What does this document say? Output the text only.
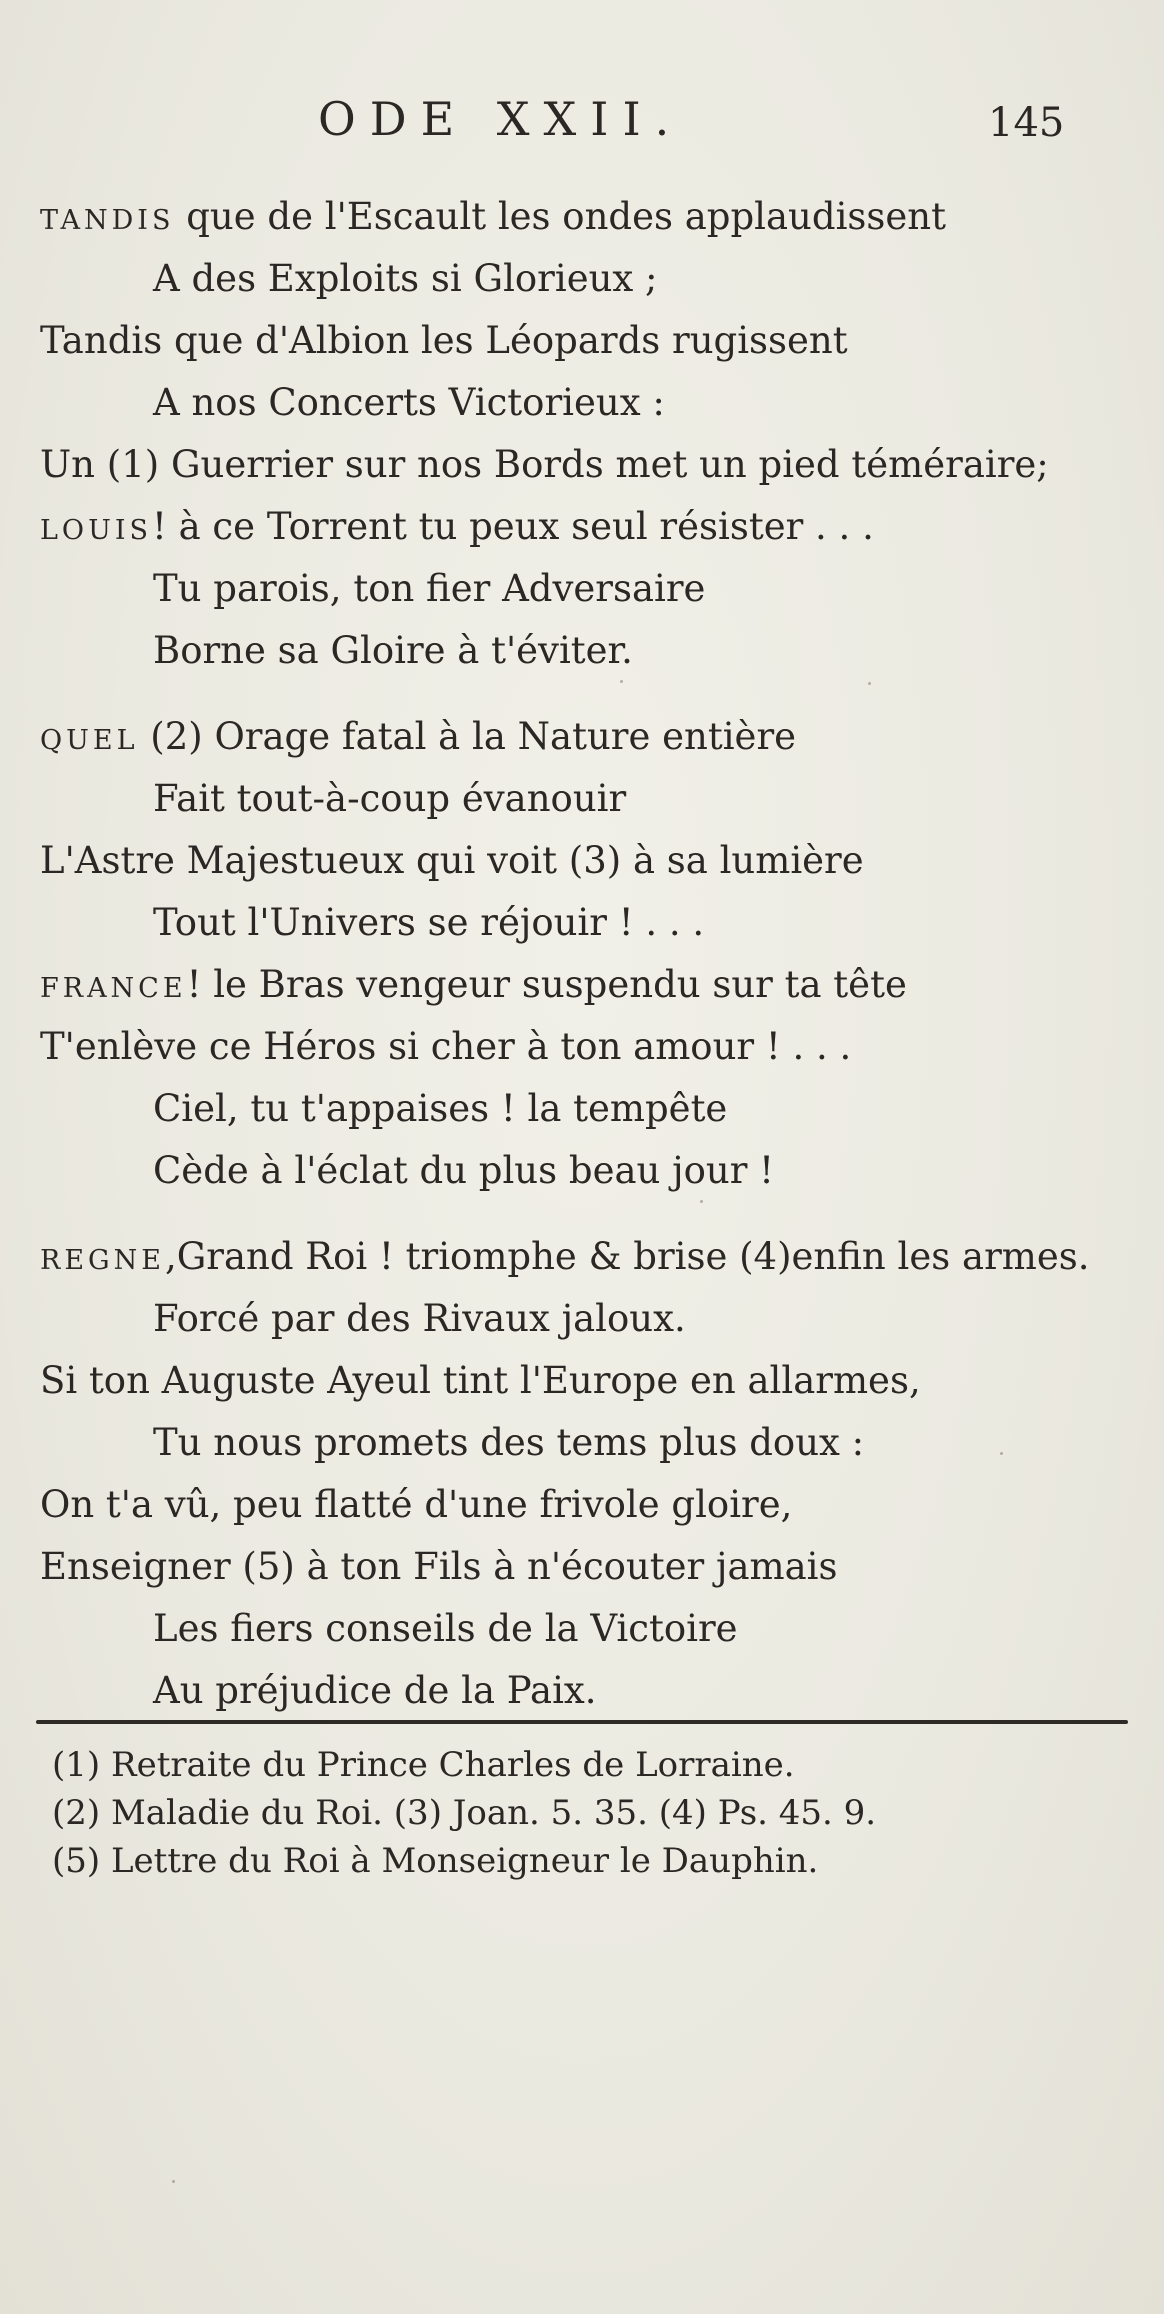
ODE XXII.	145
TANDIS que de l'Escault les ondes applaudissent
A des Exploits si Glorieux ;
Tandis que d'Albion les Léopards rugissent
A nos Concerts Victorieux :
Un (1) Guerrier sur nos Bords met un pied téméraire;
LOUIS! à ce Torrent tu peux seul résister . . .
Tu parois, ton fier Adversaire
Borne sa Gloire à t'éviter.
QUEL (2) Orage fatal à la Nature entière
Fait tout-à-coup évanouir
L'Astre Majestueux qui voit (3) à sa lumière
Tout l'Univers se réjouir ! . . .
FRANCE! le Bras vengeur suspendu sur ta tête
T'enlève ce Héros si cher à ton amour ! . . .
Ciel, tu t'appaises ! la tempête
Cède à l'éclat du plus beau jour !
REGNE,Grand Roi ! triomphe & brise (4)enfin les armes.
Forcé par des Rivaux jaloux.
Si ton Auguste Ayeul tint l'Europe en allarmes,
Tu nous promets des tems plus doux :
On t'a vû, peu flatté d'une frivole gloire,
Enseigner (5) à ton Fils à n'écouter jamais
Les fiers conseils de la Victoire
Au préjudice de la Paix.
(1) Retraite du Prince Charles de Lorraine.
(2) Maladie du Roi. (3) Joan. 5. 35. (4) Ps. 45. 9.
(5) Lettre du Roi à Monseigneur le Dauphin.
